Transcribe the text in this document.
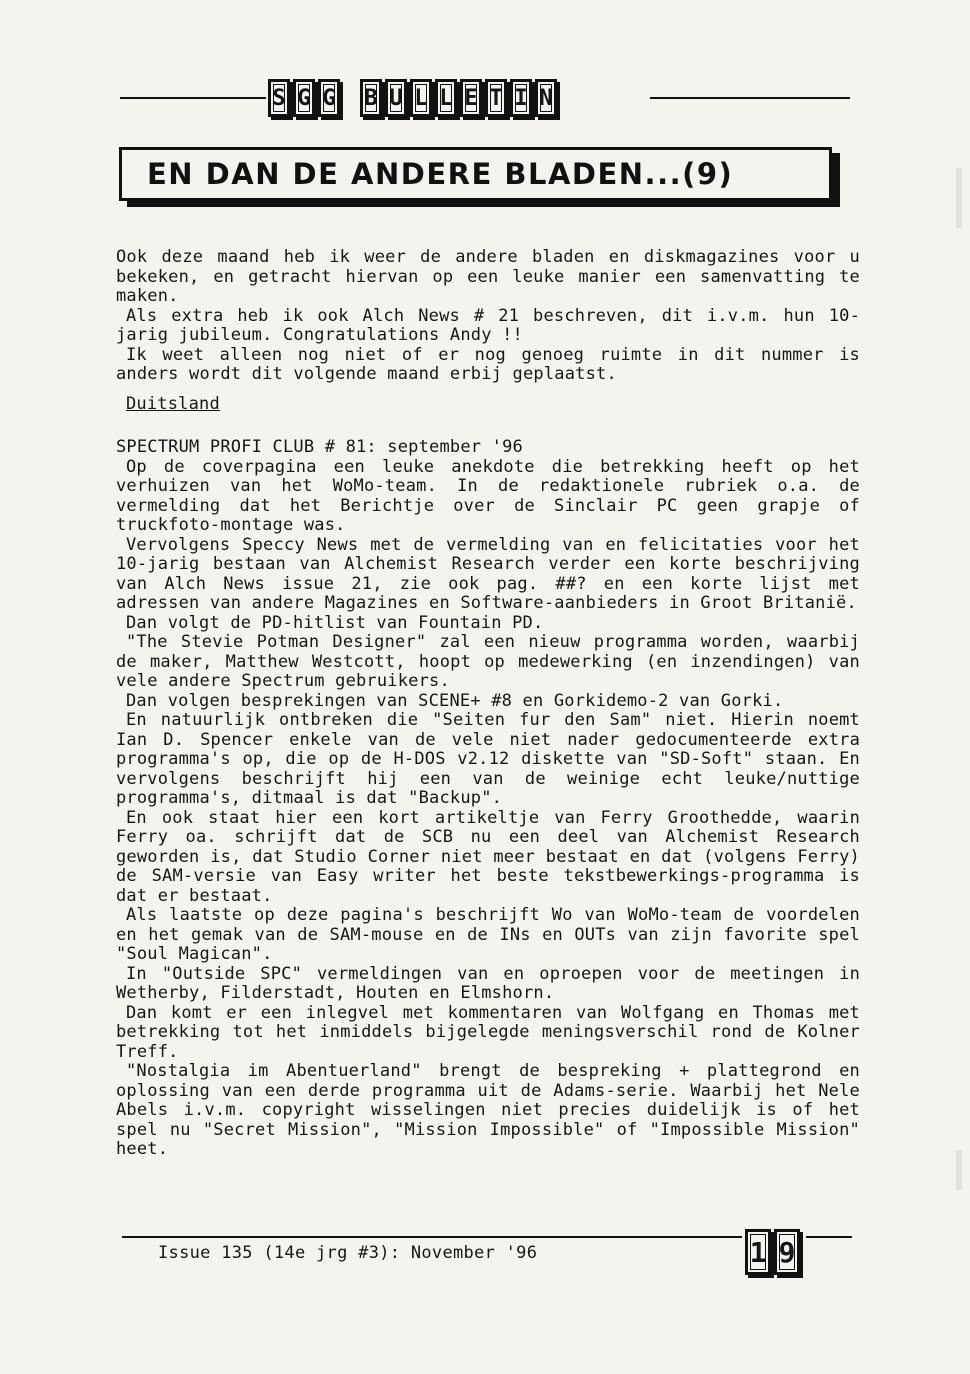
S G G B U L L E T I N
EN DAN DE ANDERE BLADEN...(9)

Ook deze maand heb ik weer de andere bladen en diskmagazines voor u bekeken, en getracht hiervan op een leuke manier een samenvatting te maken.

Als extra heb ik ook Alch News # 21 beschreven, dit i.v.m. hun 10-jarig jubileum. Congratulations Andy !!

Ik weet alleen nog niet of er nog genoeg ruimte in dit nummer is anders wordt dit volgende maand erbij geplaatst.

Duitsland

SPECTRUM PROFI CLUB # 81: september '96

Op de coverpagina een leuke anekdote die betrekking heeft op het verhuizen van het WoMo-team. In de redaktionele rubriek o.a. de vermelding dat het Berichtje over de Sinclair PC geen grapje of truckfoto-montage was.

Vervolgens Speccy News met de vermelding van en felicitaties voor het 10-jarig bestaan van Alchemist Research verder een korte beschrijving van Alch News issue 21, zie ook pag. ##? en een korte lijst met adressen van andere Magazines en Software-aanbieders in Groot Britanië.

Dan volgt de PD-hitlist van Fountain PD.

"The Stevie Potman Designer" zal een nieuw programma worden, waarbij de maker, Matthew Westcott, hoopt op medewerking (en inzendingen) van vele andere Spectrum gebruikers.

Dan volgen besprekingen van SCENE+ #8 en Gorkidemo-2 van Gorki.

En natuurlijk ontbreken die "Seiten fur den Sam" niet. Hierin noemt Ian D. Spencer enkele van de vele niet nader gedocumenteerde extra programma's op, die op de H-DOS v2.12 diskette van "SD-Soft" staan. En vervolgens beschrijft hij een van de weinige echt leuke/nuttige programma's, ditmaal is dat "Backup".

En ook staat hier een kort artikeltje van Ferry Groothedde, waarin Ferry oa. schrijft dat de SCB nu een deel van Alchemist Research geworden is, dat Studio Corner niet meer bestaat en dat (volgens Ferry) de SAM-versie van Easy writer het beste tekstbewerkings-programma is dat er bestaat.

Als laatste op deze pagina's beschrijft Wo van WoMo-team de voordelen en het gemak van de SAM-mouse en de INs en OUTs van zijn favorite spel "Soul Magican".

In "Outside SPC" vermeldingen van en oproepen voor de meetingen in Wetherby, Filderstadt, Houten en Elmshorn.

Dan komt er een inlegvel met kommentaren van Wolfgang en Thomas met betrekking tot het inmiddels bijgelegde meningsverschil rond de Kolner Treff.

"Nostalgia im Abentuerland" brengt de bespreking + plattegrond en oplossing van een derde programma uit de Adams-serie. Waarbij het Nele Abels i.v.m. copyright wisselingen niet precies duidelijk is of het spel nu "Secret Mission", "Mission Impossible" of "Impossible Mission" heet.

Issue 135 (14e jrg #3): November '96	1 9
